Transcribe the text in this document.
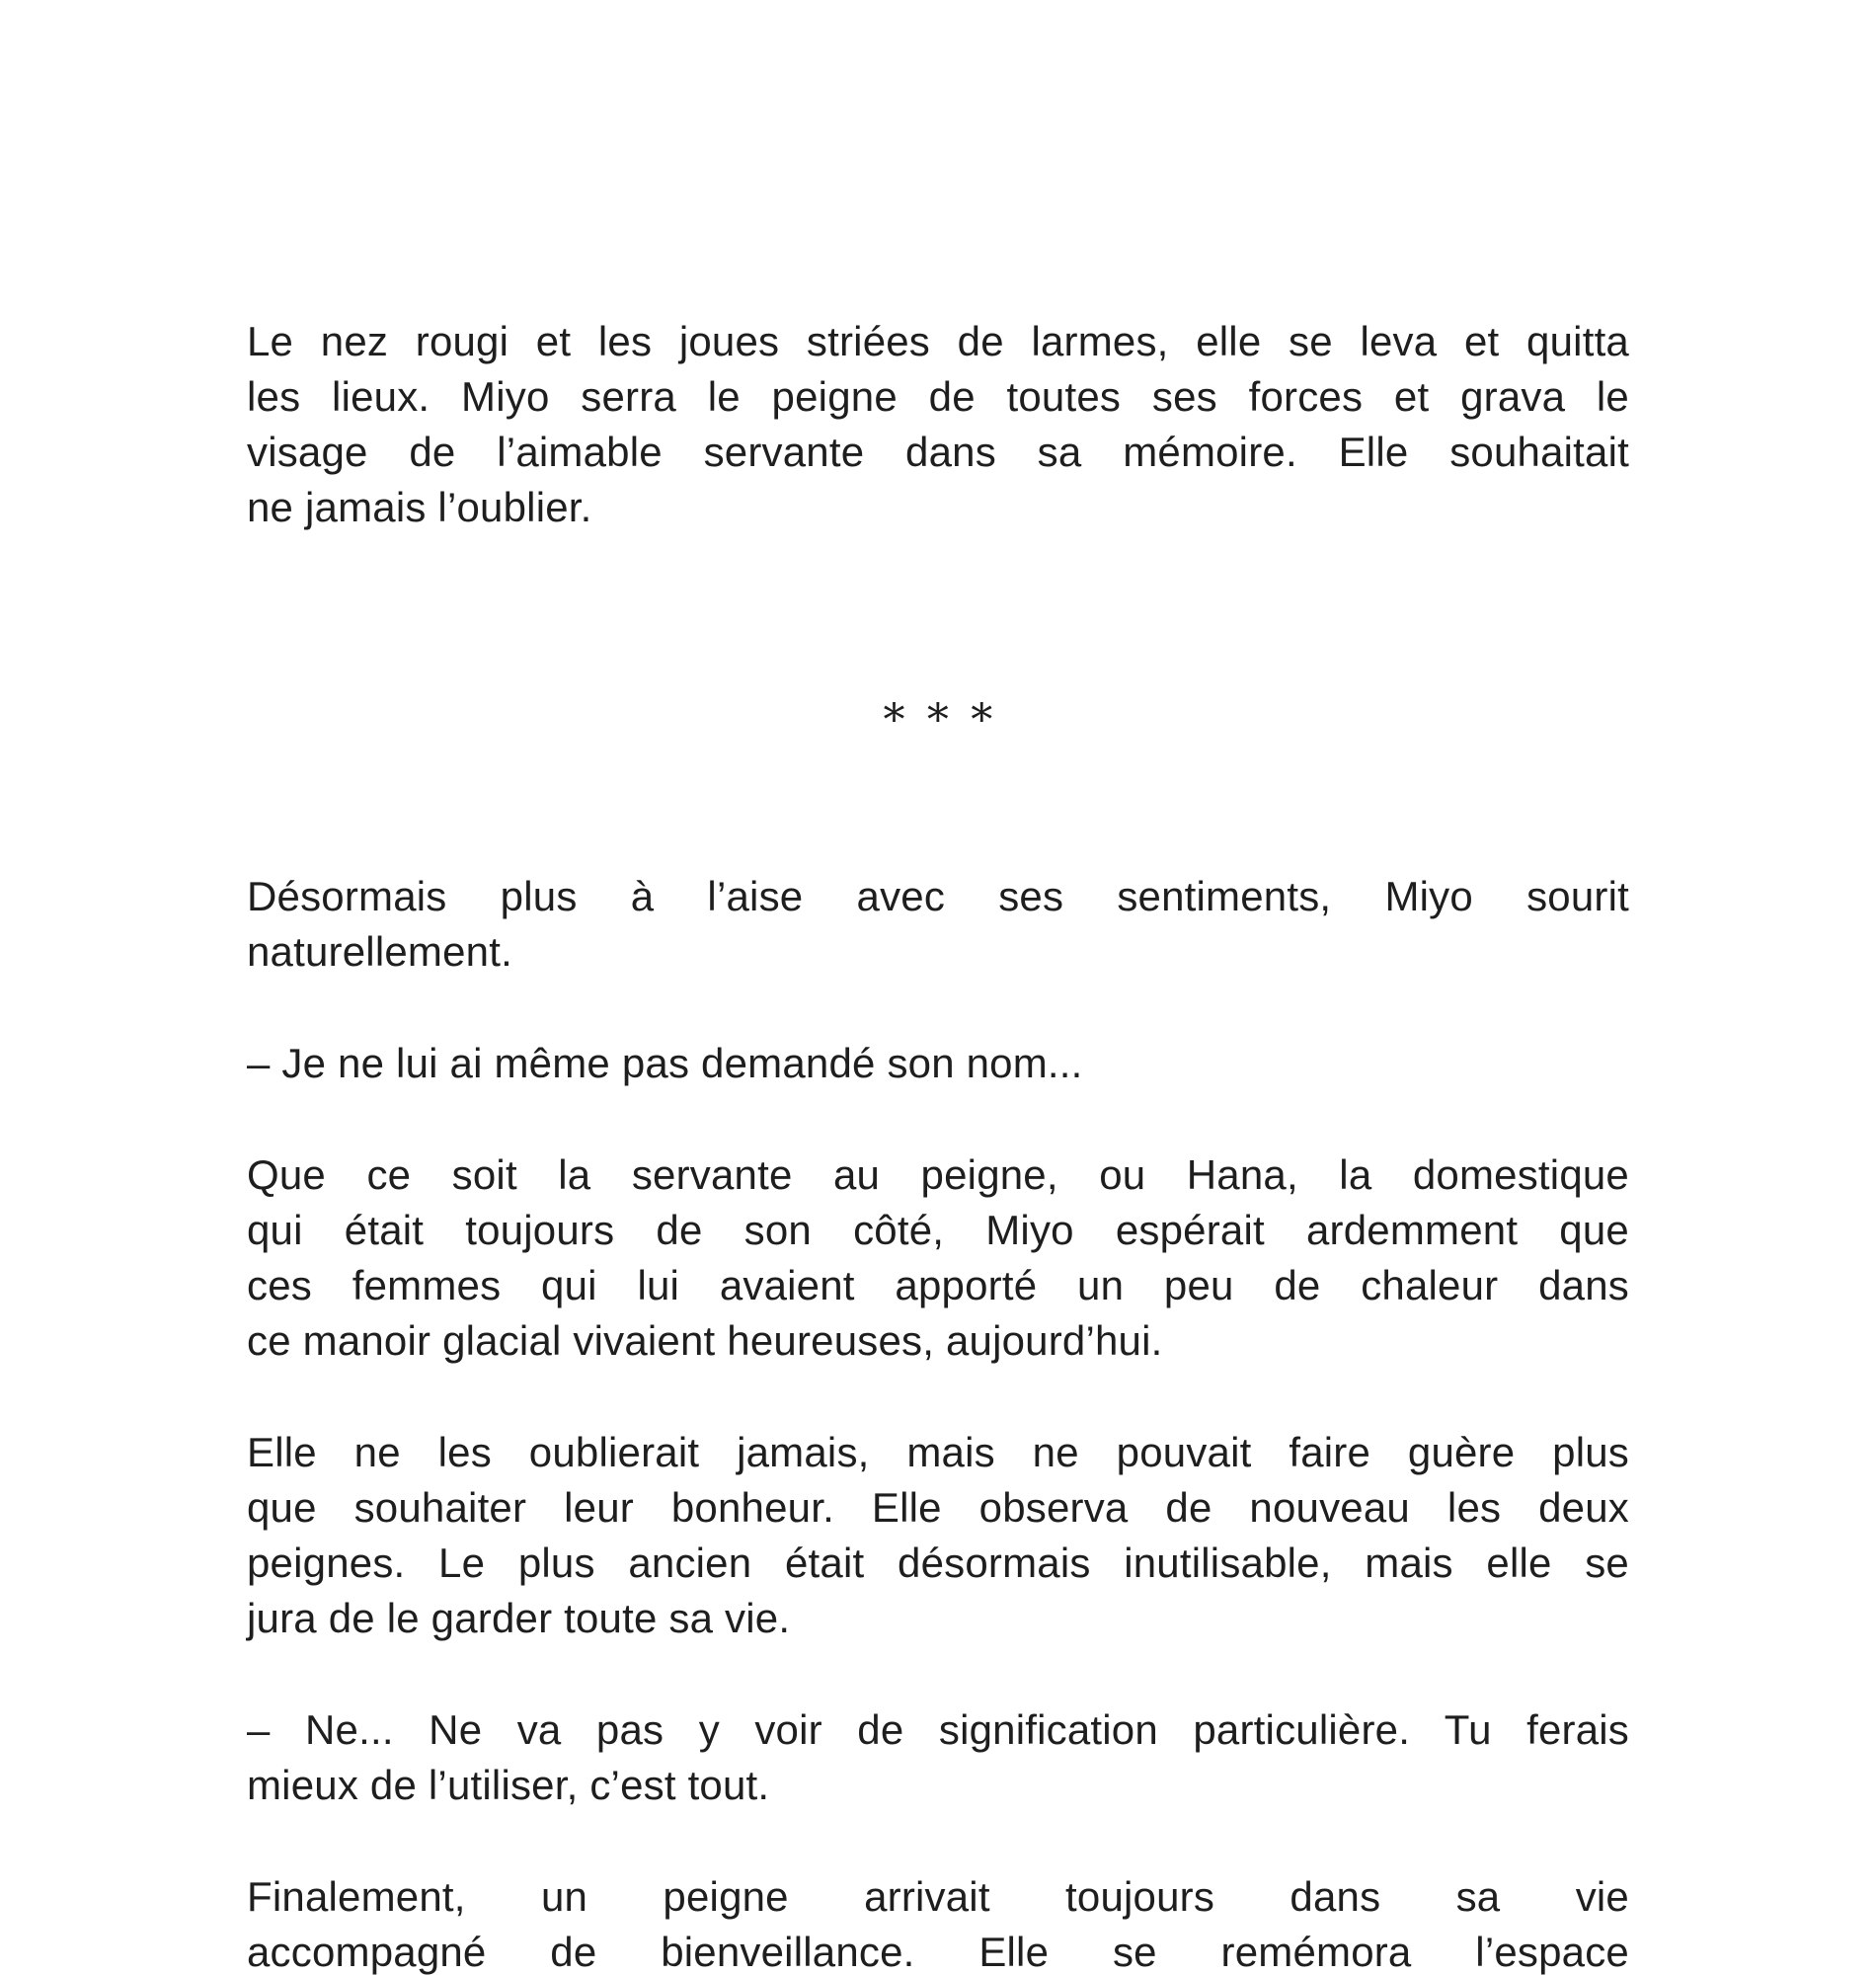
Le nez rougi et les joues striées de larmes, elle se leva et quitta
les lieux. Miyo serra le peigne de toutes ses forces et grava le
visage de l’aimable servante dans sa mémoire. Elle souhaitait
ne jamais l’oublier.

* * *

Désormais plus à l’aise avec ses sentiments, Miyo sourit
naturellement.

– Je ne lui ai même pas demandé son nom...

Que ce soit la servante au peigne, ou Hana, la domestique
qui était toujours de son côté, Miyo espérait ardemment que
ces femmes qui lui avaient apporté un peu de chaleur dans
ce manoir glacial vivaient heureuses, aujourd’hui.

Elle ne les oublierait jamais, mais ne pouvait faire guère plus
que souhaiter leur bonheur. Elle observa de nouveau les deux
peignes. Le plus ancien était désormais inutilisable, mais elle se
jura de le garder toute sa vie.

– Ne... Ne va pas y voir de signification particulière. Tu ferais
mieux de l’utiliser, c’est tout.

Finalement, un peigne arrivait toujours dans sa vie
accompagné de bienveillance. Elle se remémora l’espace
